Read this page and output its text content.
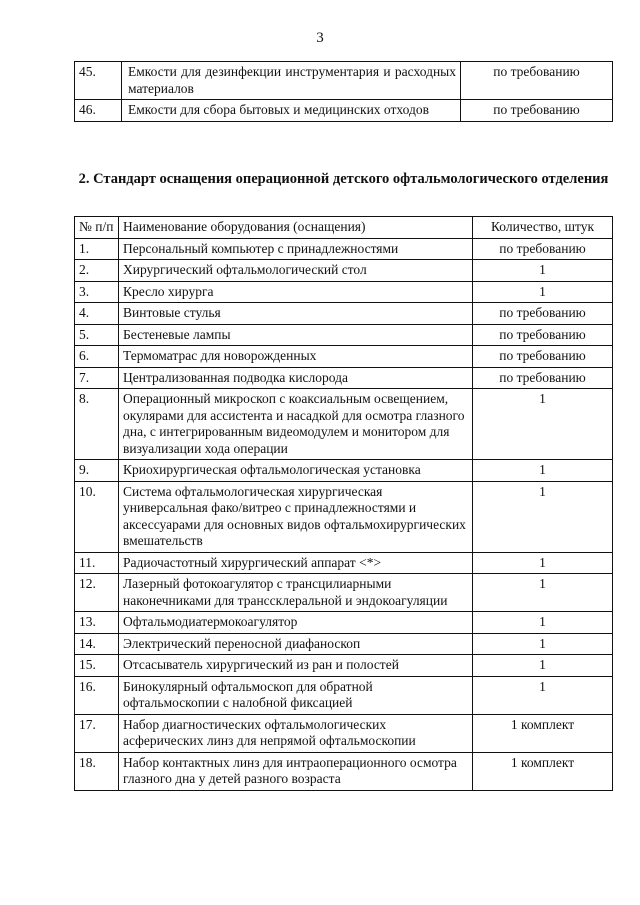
3
45.	Емкости для дезинфекции инструментария и расходных материалов	по требованию
46.	Емкости для сбора бытовых и медицинских отходов	по требованию
2. Стандарт оснащения операционной детского офтальмологического отделения
№ п/п	Наименование оборудования (оснащения)	Количество, штук
1.	Персональный компьютер с принадлежностями	по требованию
2.	Хирургический офтальмологический стол	1
3.	Кресло хирурга	1
4.	Винтовые стулья	по требованию
5.	Бестеневые лампы	по требованию
6.	Термоматрас для новорожденных	по требованию
7.	Централизованная подводка кислорода	по требованию
8.	Операционный микроскоп с коаксиальным освещением, окулярами для ассистента и насадкой для осмотра глазного дна, с интегрированным видеомодулем и монитором для визуализации хода операции	1
9.	Криохирургическая офтальмологическая установка	1
10.	Система офтальмологическая хирургическая универсальная фако/витрео с принадлежностями и аксессуарами для основных видов офтальмохирургических вмешательств	1
11.	Радиочастотный хирургический аппарат <*>	1
12.	Лазерный фотокоагулятор с трансцилиарными наконечниками для транссклеральной и эндокоагуляции	1
13.	Офтальмодиатермокоагулятор	1
14.	Электрический переносной диафаноскоп	1
15.	Отсасыватель хирургический из ран и полостей	1
16.	Бинокулярный офтальмоскоп для обратной офтальмоскопии с налобной фиксацией	1
17.	Набор диагностических офтальмологических асферических линз для непрямой офтальмоскопии	1 комплект
18.	Набор контактных линз для интраоперационного осмотра глазного дна у детей разного возраста	1 комплект
